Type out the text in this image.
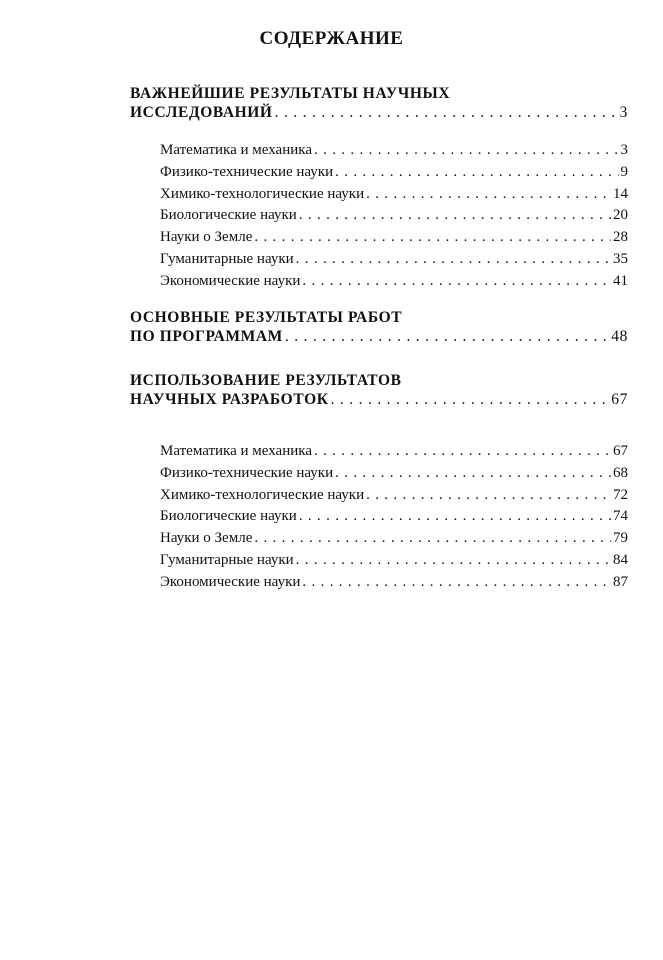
СОДЕРЖАНИЕ
ВАЖНЕЙШИЕ РЕЗУЛЬТАТЫ НАУЧНЫХ
ИССЛЕДОВАНИЙ . . .	3
Математика и механика . . .	3
Физико-технические науки . . .	9
Химико-технологические науки . . .	14
Биологические науки . . .	20
Науки о Земле . . .	28
Гуманитарные науки . . .	35
Экономические науки . . .	41
ОСНОВНЫЕ РЕЗУЛЬТАТЫ РАБОТ
ПО ПРОГРАММАМ . . .	48
ИСПОЛЬЗОВАНИЕ РЕЗУЛЬТАТОВ
НАУЧНЫХ РАЗРАБОТОК . . .	67
Математика и механика . . .	67
Физико-технические науки . . .	68
Химико-технологические науки . . .	72
Биологические науки . . .	74
Науки о Земле . . .	79
Гуманитарные науки . . .	84
Экономические науки . . .	87
